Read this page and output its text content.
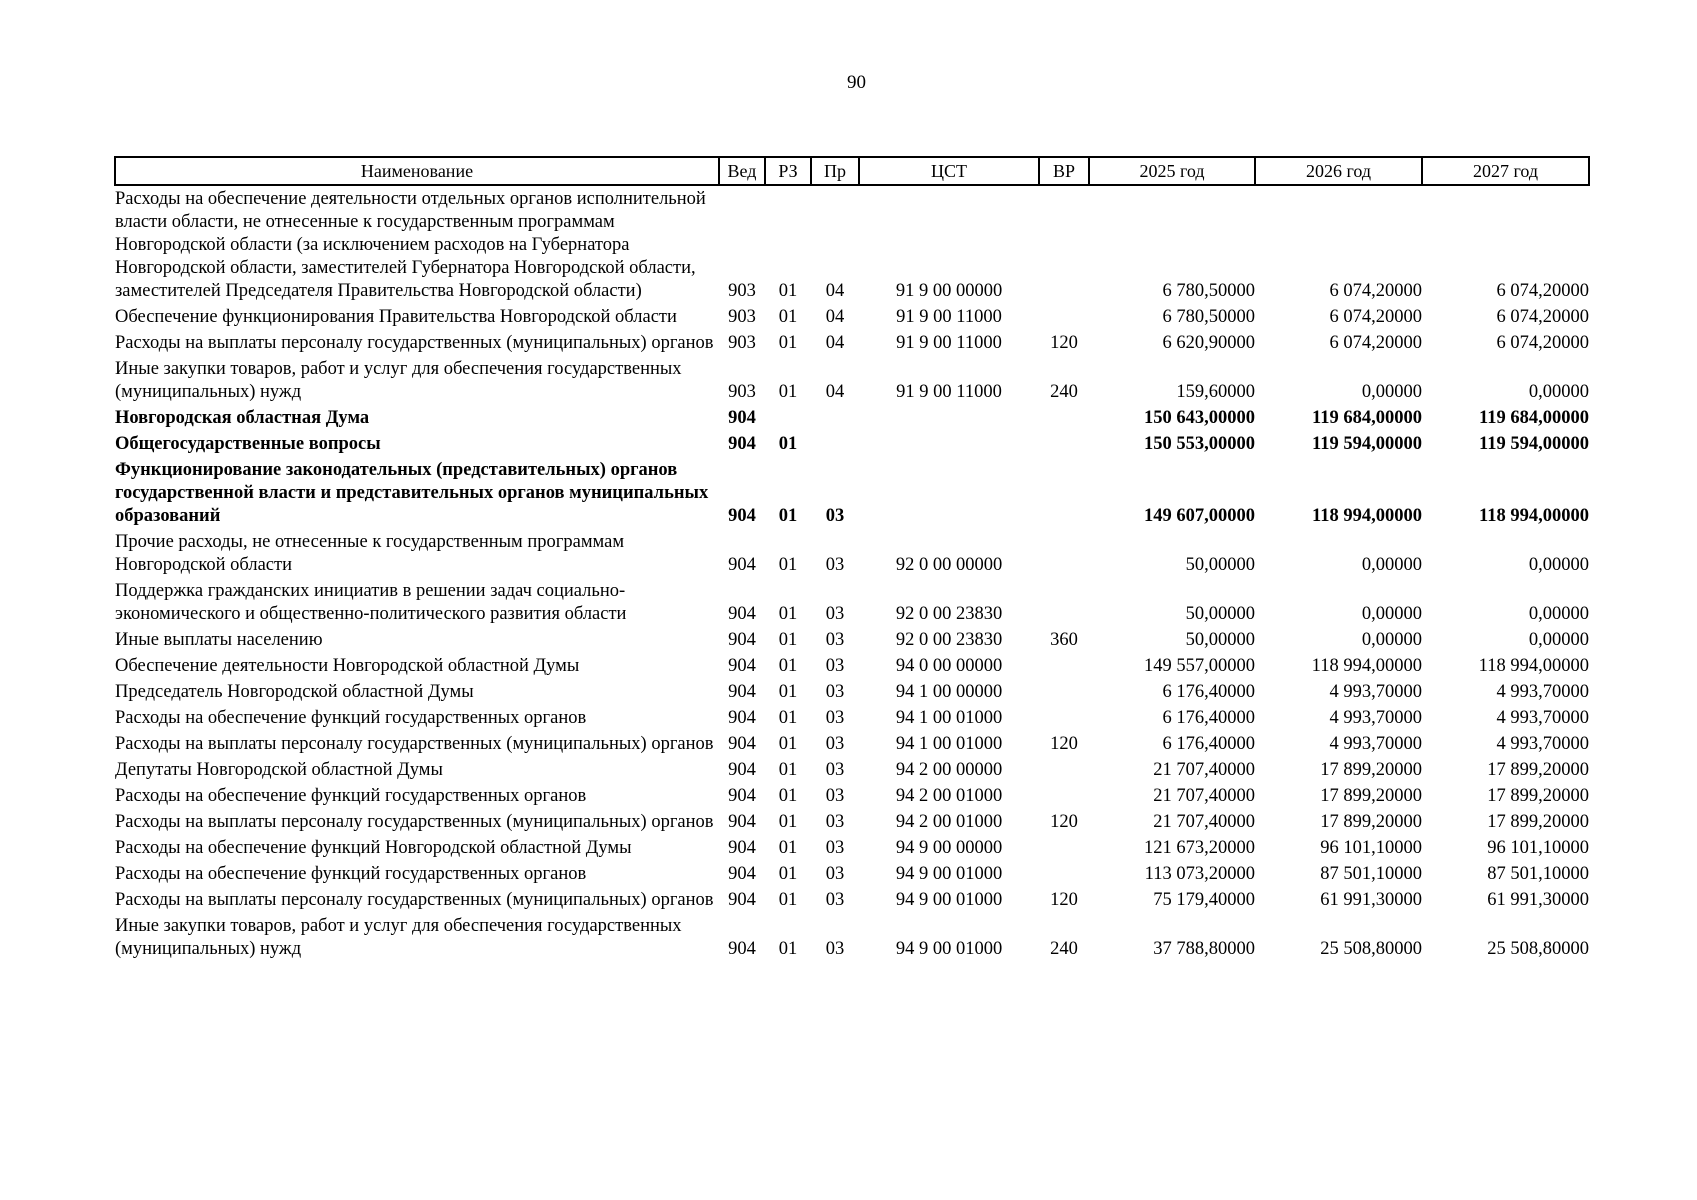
90
Наименование	Вед	РЗ	Пр	ЦСТ	ВР	2025 год	2026 год	2027 год
Расходы на обеспечение деятельности отдельных органов исполнительной власти области, не отнесенные к государственным программам Новгородской области (за исключением расходов на Губернатора Новгородской области, заместителей Губернатора Новгородской области, заместителей Председателя Правительства Новгородской области)	903	01	04	91 9 00 00000		6 780,50000	6 074,20000	6 074,20000
Обеспечение функционирования Правительства Новгородской области	903	01	04	91 9 00 11000		6 780,50000	6 074,20000	6 074,20000
Расходы на выплаты персоналу государственных (муниципальных) органов	903	01	04	91 9 00 11000	120	6 620,90000	6 074,20000	6 074,20000
Иные закупки товаров, работ и услуг для обеспечения государственных (муниципальных) нужд	903	01	04	91 9 00 11000	240	159,60000	0,00000	0,00000
Новгородская областная Дума	904					150 643,00000	119 684,00000	119 684,00000
Общегосударственные вопросы	904	01				150 553,00000	119 594,00000	119 594,00000
Функционирование законодательных (представительных) органов государственной власти и представительных органов муниципальных образований	904	01	03			149 607,00000	118 994,00000	118 994,00000
Прочие расходы, не отнесенные к государственным программам Новгородской области	904	01	03	92 0 00 00000		50,00000	0,00000	0,00000
Поддержка гражданских инициатив в решении задач социально-экономического и общественно-политического развития области	904	01	03	92 0 00 23830		50,00000	0,00000	0,00000
Иные выплаты населению	904	01	03	92 0 00 23830	360	50,00000	0,00000	0,00000
Обеспечение деятельности Новгородской областной Думы	904	01	03	94 0 00 00000		149 557,00000	118 994,00000	118 994,00000
Председатель Новгородской областной Думы	904	01	03	94 1 00 00000		6 176,40000	4 993,70000	4 993,70000
Расходы на обеспечение функций государственных органов	904	01	03	94 1 00 01000		6 176,40000	4 993,70000	4 993,70000
Расходы на выплаты персоналу государственных (муниципальных) органов	904	01	03	94 1 00 01000	120	6 176,40000	4 993,70000	4 993,70000
Депутаты Новгородской областной Думы	904	01	03	94 2 00 00000		21 707,40000	17 899,20000	17 899,20000
Расходы на обеспечение функций государственных органов	904	01	03	94 2 00 01000		21 707,40000	17 899,20000	17 899,20000
Расходы на выплаты персоналу государственных (муниципальных) органов	904	01	03	94 2 00 01000	120	21 707,40000	17 899,20000	17 899,20000
Расходы на обеспечение функций Новгородской областной Думы	904	01	03	94 9 00 00000		121 673,20000	96 101,10000	96 101,10000
Расходы на обеспечение функций государственных органов	904	01	03	94 9 00 01000		113 073,20000	87 501,10000	87 501,10000
Расходы на выплаты персоналу государственных (муниципальных) органов	904	01	03	94 9 00 01000	120	75 179,40000	61 991,30000	61 991,30000
Иные закупки товаров, работ и услуг для обеспечения государственных (муниципальных) нужд	904	01	03	94 9 00 01000	240	37 788,80000	25 508,80000	25 508,80000
